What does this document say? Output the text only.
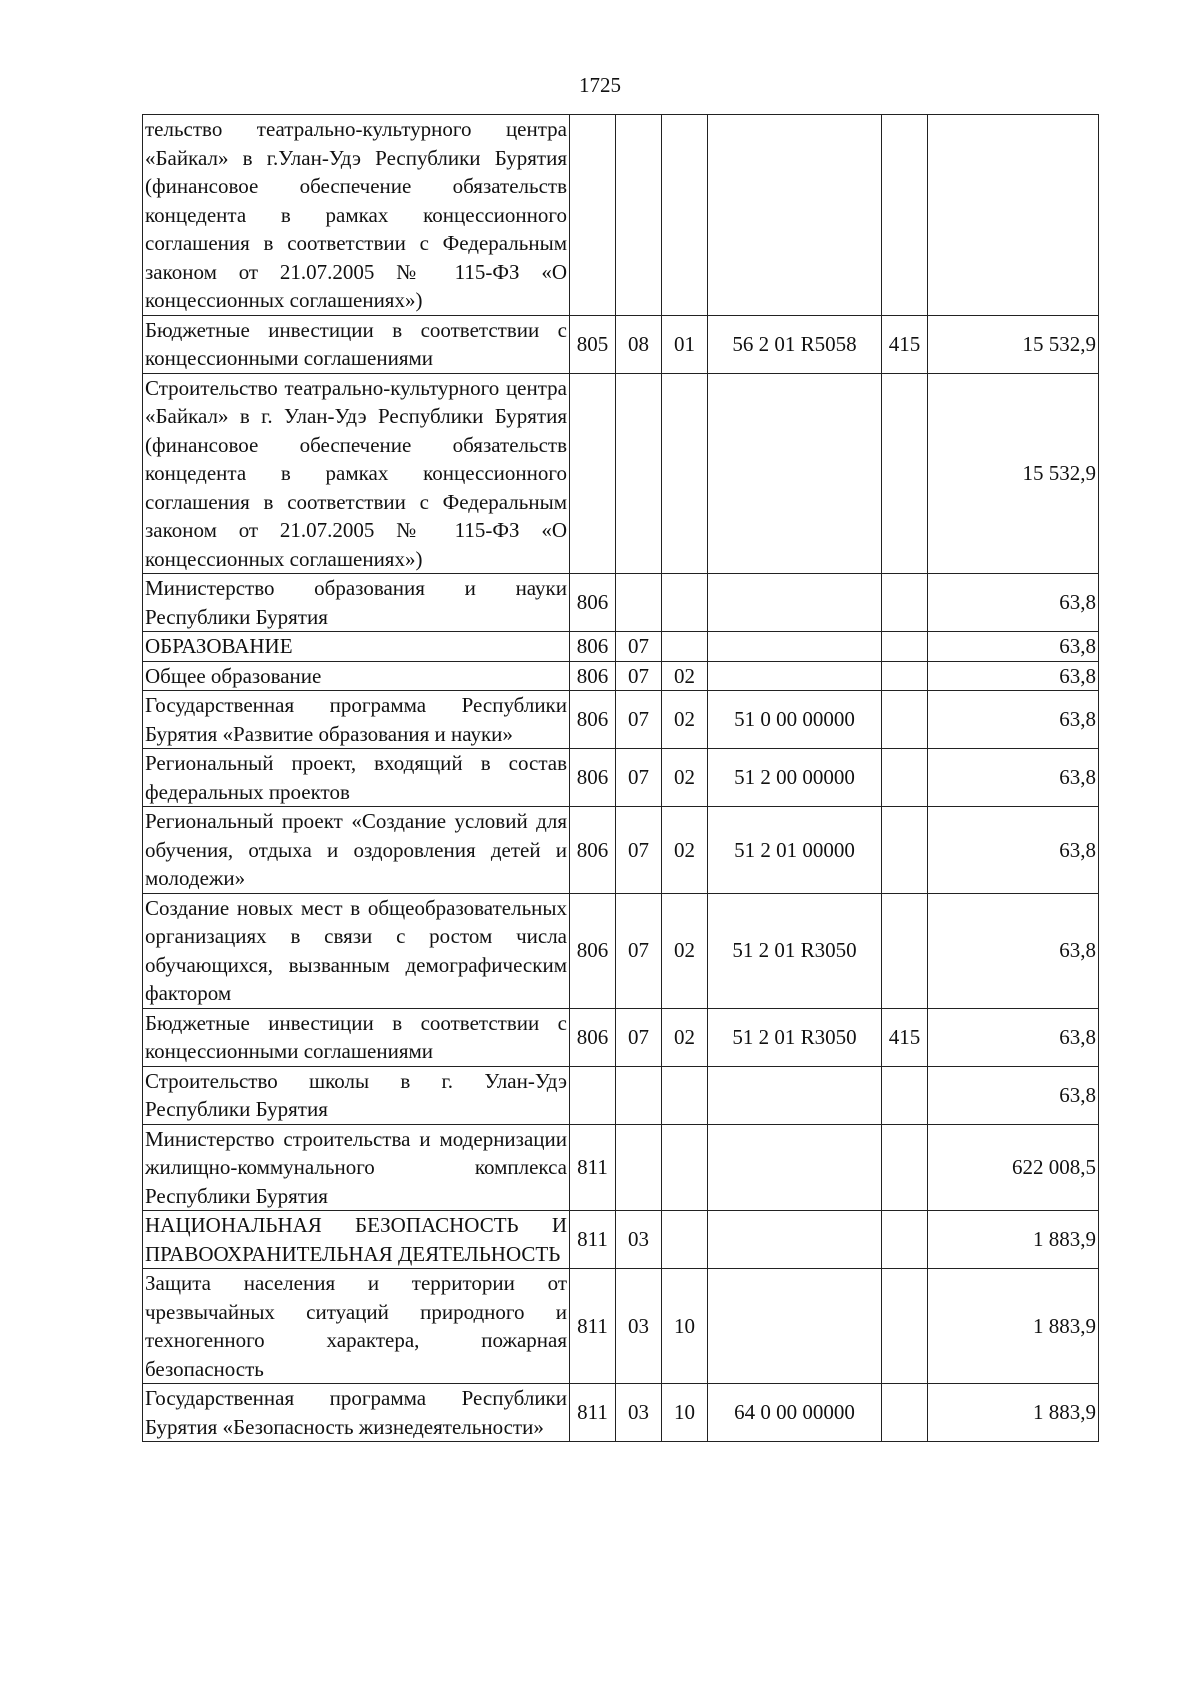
1725
тельство театрально-культурного центра «Байкал» в г.Улан-Удэ Республики Бурятия (финансовое обеспечение обязательств концедента в рамках концессионного соглашения в соответствии с Федеральным законом от 21.07.2005 № 115-ФЗ «О концессионных соглашениях»)						
Бюджетные инвестиции в соответствии с концессионными соглашениями	805	08	01	56 2 01 R5058	415	15 532,9
Строительство театрально-культурного центра «Байкал» в г. Улан-Удэ Республики Бурятия (финансовое обеспечение обязательств концедента в рамках концессионного соглашения в соответствии с Федеральным законом от 21.07.2005 № 115-ФЗ «О концессионных соглашениях»)						15 532,9
Министерство образования и науки Республики Бурятия	806					63,8
ОБРАЗОВАНИЕ	806	07				63,8
Общее образование	806	07	02			63,8
Государственная программа Республики Бурятия «Развитие образования и науки»	806	07	02	51 0 00 00000		63,8
Региональный проект, входящий в состав федеральных проектов	806	07	02	51 2 00 00000		63,8
Региональный проект «Создание условий для обучения, отдыха и оздоровления детей и молодежи»	806	07	02	51 2 01 00000		63,8
Создание новых мест в общеобразовательных организациях в связи с ростом числа обучающихся, вызванным демографическим фактором	806	07	02	51 2 01 R3050		63,8
Бюджетные инвестиции в соответствии с концессионными соглашениями	806	07	02	51 2 01 R3050	415	63,8
Строительство школы в г. Улан-Удэ Республики Бурятия						63,8
Министерство строительства и модернизации жилищно-коммунального комплекса Республики Бурятия	811					622 008,5
НАЦИОНАЛЬНАЯ БЕЗОПАСНОСТЬ И ПРАВООХРАНИТЕЛЬНАЯ ДЕЯТЕЛЬНОСТЬ	811	03				1 883,9
Защита населения и территории от чрезвычайных ситуаций природного и техногенного характера, пожарная безопасность	811	03	10			1 883,9
Государственная программа Республики Бурятия «Безопасность жизнедеятельности»	811	03	10	64 0 00 00000		1 883,9
